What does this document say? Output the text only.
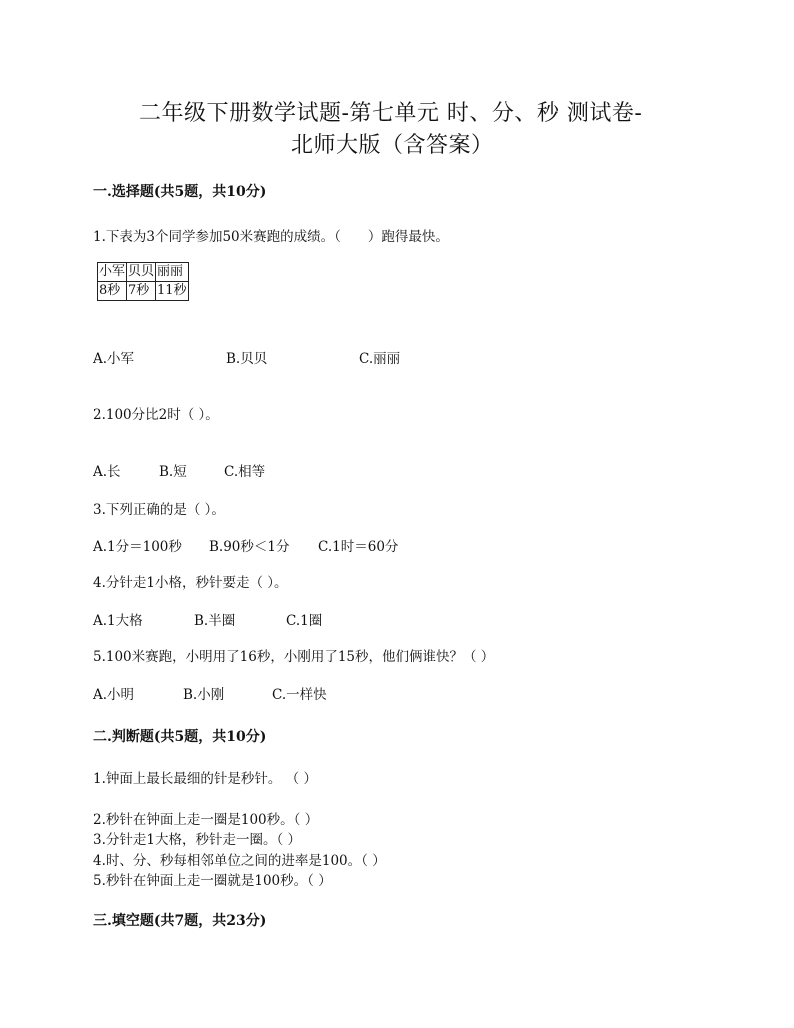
二年级下册数学试题-第七单元 时、分、秒 测试卷-
北师大版（含答案）
一.选择题(共5题，共10分)
1.下表为3个同学参加50米赛跑的成绩。（　　）跑得最快。
小军	贝贝	丽丽
8秒	7秒	11秒
A.小军	B.贝贝	C.丽丽
2.100分比2时（ ）。
A.长	B.短	C.相等
3.下列正确的是（ ）。
A.1分＝100秒 B.90秒＜1分 C.1时＝60分
4.分针走1小格，秒针要走（ ）。
A.1大格	B.半圈	C.1圈
5.100米赛跑，小明用了16秒，小刚用了15秒，他们俩谁快？（ ）
A.小明	B.小刚	C.一样快
二.判断题(共5题，共10分)
1.钟面上最长最细的针是秒针。 （ ）
2.秒针在钟面上走一圈是100秒。（ ）
3.分针走1大格，秒针走一圈。（ ）
4.时、分、秒每相邻单位之间的进率是100。（ ）
5.秒针在钟面上走一圈就是100秒。（ ）
三.填空题(共7题，共23分)
